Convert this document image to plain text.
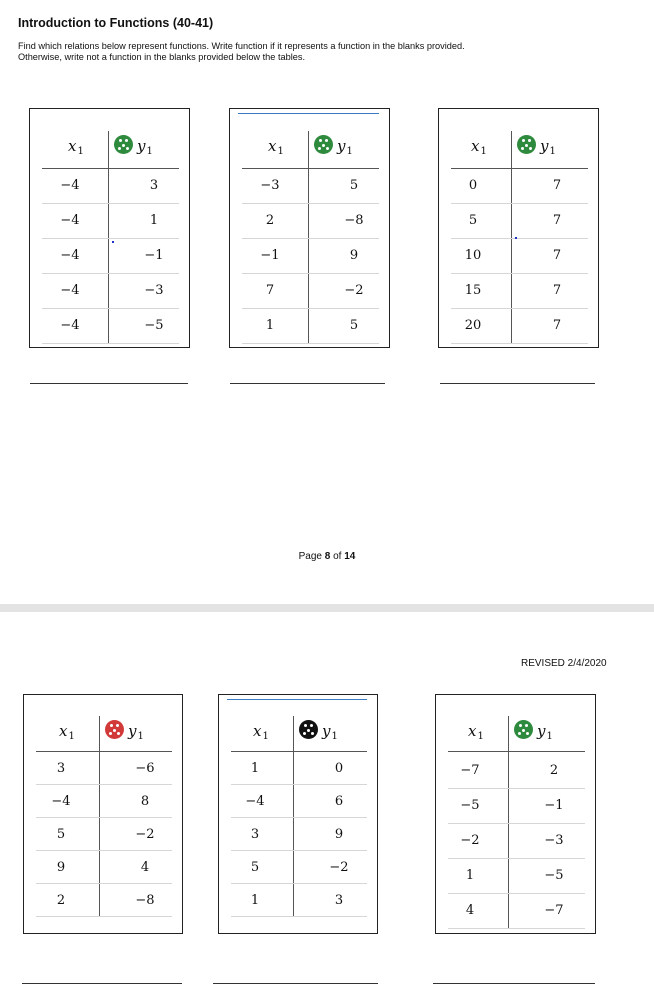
Introduction to Functions (40-41)
Find which relations below represent functions. Write function if it represents a function in the blanks provided.
Otherwise, write not a function in the blanks provided below the tables.
$x_1$	$y_1$
−4	3
−4	1
−4	−1
−4	−3
−4	−5
$x_1$	$y_1$
−3	5
2	−8
−1	9
7	−2
1	5
$x_1$	$y_1$
0	7
5	7
10	7
15	7
20	7
$x_1$	$y_1$
3	−6
−4	8
5	−2
9	4
2	−8
$x_1$	$y_1$
1	0
−4	6
3	9
5	−2
1	3
$x_1$	$y_1$
−7	2
−5	−1
−2	−3
1	−5
4	−7
Page 8 of 14
REVISED 2/4/2020
